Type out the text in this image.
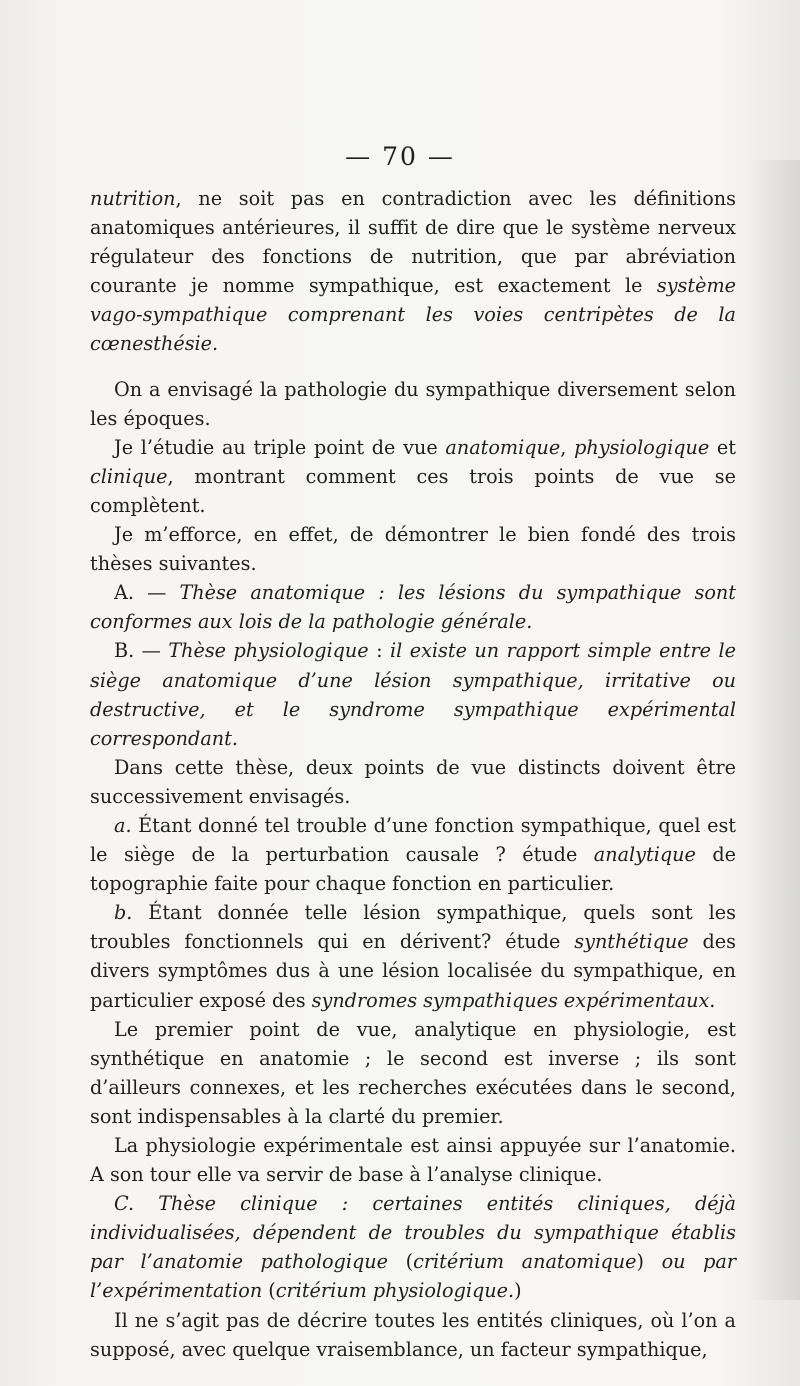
— 70 —

nutrition, ne soit pas en contradiction avec les définitions anatomiques antérieures, il suffit de dire que le système nerveux régulateur des fonctions de nutrition, que par abréviation courante je nomme sympathique, est exactement le système vago-sympathique comprenant les voies centripètes de la cœnesthésie.

On a envisagé la pathologie du sympathique diversement selon les époques.

Je l’étudie au triple point de vue anatomique, physiologique et clinique, montrant comment ces trois points de vue se complètent.

Je m’efforce, en effet, de démontrer le bien fondé des trois thèses suivantes.

A. — Thèse anatomique : les lésions du sympathique sont conformes aux lois de la pathologie générale.

B. — Thèse physiologique : il existe un rapport simple entre le siège anatomique d’une lésion sympathique, irritative ou destructive, et le syndrome sympathique expérimental correspondant.

Dans cette thèse, deux points de vue distincts doivent être successivement envisagés.

a. Étant donné tel trouble d’une fonction sympathique, quel est le siège de la perturbation causale ? étude analytique de topographie faite pour chaque fonction en particulier.

b. Étant donnée telle lésion sympathique, quels sont les troubles fonctionnels qui en dérivent? étude synthétique des divers symptômes dus à une lésion localisée du sympathique, en particulier exposé des syndromes sympathiques expérimentaux.

Le premier point de vue, analytique en physiologie, est synthétique en anatomie ; le second est inverse ; ils sont d’ailleurs connexes, et les recherches exécutées dans le second, sont indispensables à la clarté du premier.

La physiologie expérimentale est ainsi appuyée sur l’anatomie. A son tour elle va servir de base à l’analyse clinique.

C. Thèse clinique : certaines entités cliniques, déjà individualisées, dépendent de troubles du sympathique établis par l’anatomie pathologique (critérium anatomique) ou par l’expérimentation (critérium physiologique.)

Il ne s’agit pas de décrire toutes les entités cliniques, où l’on a supposé, avec quelque vraisemblance, un facteur sympathique,
